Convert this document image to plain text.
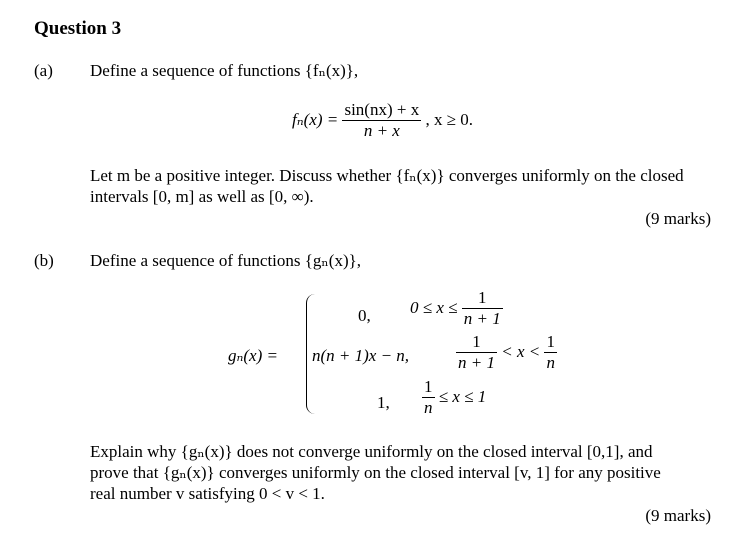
Question 3
(a) Define a sequence of functions {fₙ(x)},
$f_n(x) = \frac{\sin(nx) + x}{n + x}$ , x ≥ 0.
Let m be a positive integer. Discuss whether {fₙ(x)} converges uniformly on the closed
intervals [0, m] as well as [0, ∞).
(9 marks)
(b) Define a sequence of functions {gₙ(x)},
gₙ(x) =
0, $0 \le x \le \frac{1}{n + 1}$
n(n + 1)x − n,	$\frac{1}{n + 1} < x < \frac{1}{n}$
1, $\frac{1}{n} \le x \le 1$
Explain why {gₙ(x)} does not converge uniformly on the closed interval [0,1], and
prove that {gₙ(x)} converges uniformly on the closed interval [v, 1] for any positive
real number v satisfying 0 < v < 1.
(9 marks)
